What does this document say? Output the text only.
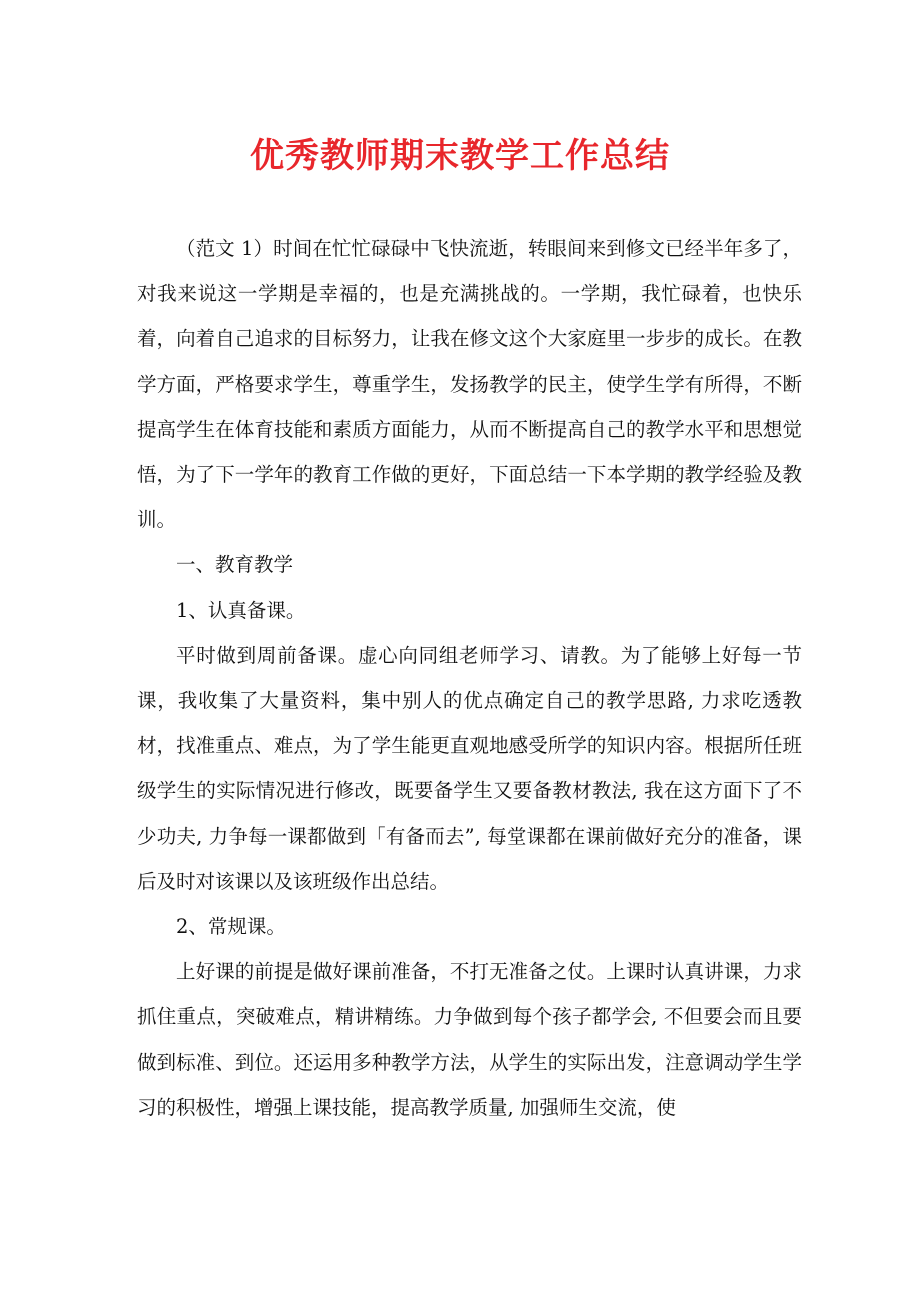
优秀教师期末教学工作总结

（范文 1）时间在忙忙碌碌中飞快流逝，转眼间来到修文已经半年多了，对我来说这一学期是幸福的，也是充满挑战的。一学期，我忙碌着，也快乐着，向着自己追求的目标努力，让我在修文这个大家庭里一步步的成长。在教学方面，严格要求学生，尊重学生，发扬教学的民主，使学生学有所得，不断提高学生在体育技能和素质方面能力，从而不断提高自己的教学水平和思想觉悟，为了下一学年的教育工作做的更好，下面总结一下本学期的教学经验及教训。

一、教育教学

1、认真备课。

平时做到周前备课。虚心向同组老师学习、请教。为了能够上好每一节课，我收集了大量资料，集中别人的优点确定自己的教学思路, 力求吃透教材，找准重点、难点，为了学生能更直观地感受所学的知识内容。根据所任班级学生的实际情况进行修改，既要备学生又要备教材教法, 我在这方面下了不少功夫, 力争每一课都做到「有备而去”, 每堂课都在课前做好充分的准备，课后及时对该课以及该班级作出总结。

2、常规课。

上好课的前提是做好课前准备，不打无准备之仗。上课时认真讲课，力求抓住重点，突破难点，精讲精练。力争做到每个孩子都学会, 不但要会而且要做到标准、到位。还运用多种教学方法，从学生的实际出发，注意调动学生学习的积极性，增强上课技能，提高教学质量, 加强师生交流，使
